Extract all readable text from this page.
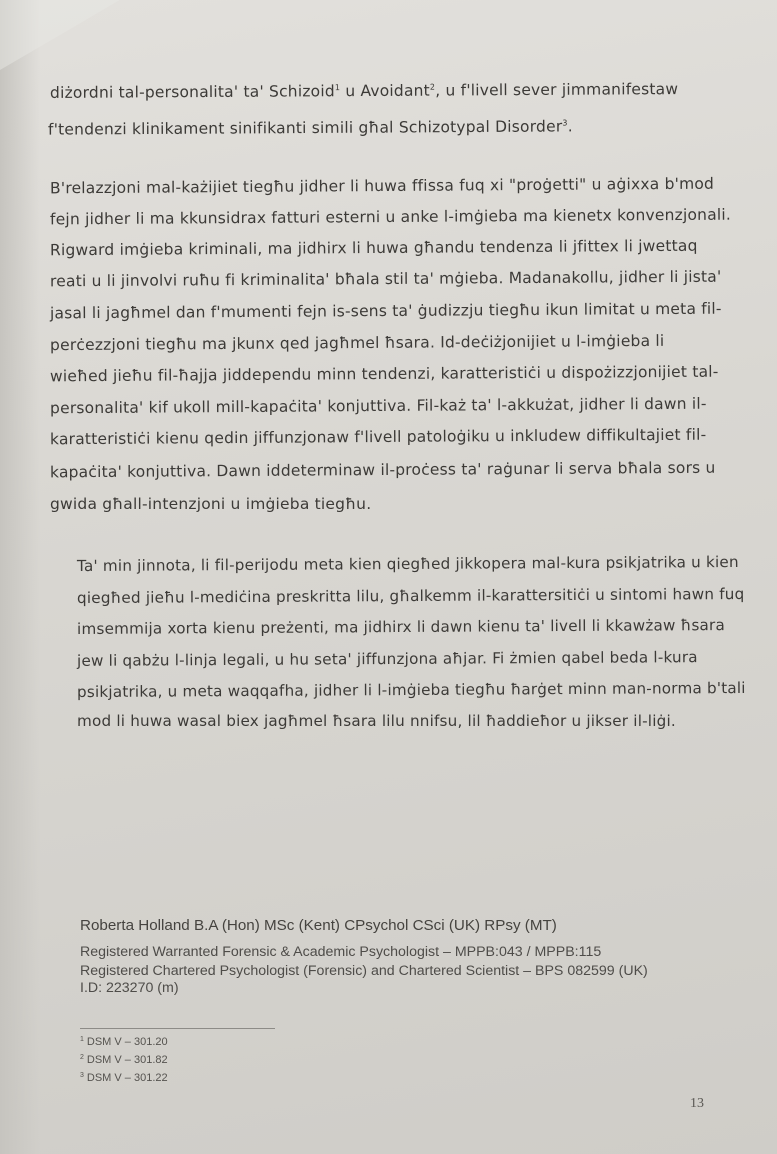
diżordni tal-personalita' ta' Schizoid$^1$ u Avoidant$^2$, u f'livell sever jimmanifestaw
f'tendenzi klinikament sinifikanti simili għal Schizotypal Disorder$^3$.
B'relazzjoni mal-każijiet tiegħu jidher li huwa ffissa fuq xi "proġetti" u aġixxa b'mod
fejn jidher li ma kkunsidrax fatturi esterni u anke l-imġieba ma kienetx konvenzjonali.
Rigward imġieba kriminali, ma jidhirx li huwa għandu tendenza li jfittex li jwettaq
reati u li jinvolvi ruħu fi kriminalita' bħala stil ta' mġieba. Madanakollu, jidher li jista'
jasal li jagħmel dan f'mumenti fejn is-sens ta' ġudizzju tiegħu ikun limitat u meta fil-
perċezzjoni tiegħu ma jkunx qed jagħmel ħsara. Id-deċiżjonijiet u l-imġieba li
wieħed jieħu fil-ħajja jiddependu minn tendenzi, karatteristiċi u dispożizzjonijiet tal-
personalita' kif ukoll mill-kapaċita' konjuttiva. Fil-każ ta' l-akkużat, jidher li dawn il-
karatteristiċi kienu qedin jiffunzjonaw f'livell patoloġiku u inkludew diffikultajiet fil-
kapaċita' konjuttiva. Dawn iddeterminaw il-proċess ta' raġunar li serva bħala sors u
gwida għall-intenzjoni u imġieba tiegħu.
Ta' min jinnota, li fil-perijodu meta kien qiegħed jikkopera mal-kura psikjatrika u kien
qiegħed jieħu l-mediċina preskritta lilu, għalkemm il-karattersitiċi u sintomi hawn fuq
imsemmija xorta kienu preżenti, ma jidhirx li dawn kienu ta' livell li kkawżaw ħsara
jew li qabżu l-linja legali, u hu seta' jiffunzjona aħjar. Fi żmien qabel beda l-kura
psikjatrika, u meta waqqafha, jidher li l-imġieba tiegħu ħarġet minn man-norma b'tali
mod li huwa wasal biex jagħmel ħsara lilu nnifsu, lil ħaddieħor u jikser il-liġi.
Roberta Holland B.A (Hon) MSc (Kent) CPsychol CSci (UK) RPsy (MT)
Registered Warranted Forensic & Academic Psychologist – MPPB:043 / MPPB:115
Registered Chartered Psychologist (Forensic) and Chartered Scientist – BPS 082599 (UK)
I.D: 223270 (m)
$^1$ DSM V – 301.20
$^2$ DSM V – 301.82
$^3$ DSM V – 301.22
13
